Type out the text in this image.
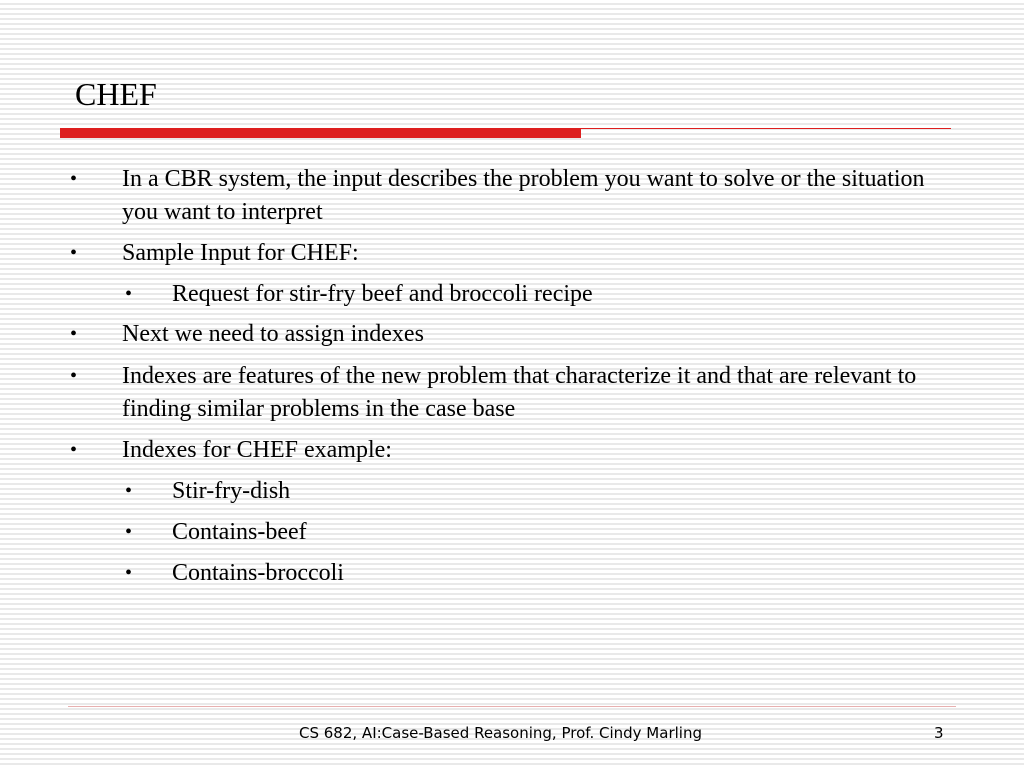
CHEF
• In a CBR system, the input describes the problem you want to solve or the situation you want to interpret
• Sample Input for CHEF:
• Request for stir-fry beef and broccoli recipe
• Next we need to assign indexes
• Indexes are features of the new problem that characterize it and that are relevant to finding similar problems in the case base
• Indexes for CHEF example:
• Stir-fry-dish
• Contains-beef
• Contains-broccoli
CS 682, AI:Case-Based Reasoning, Prof. Cindy Marling	3
